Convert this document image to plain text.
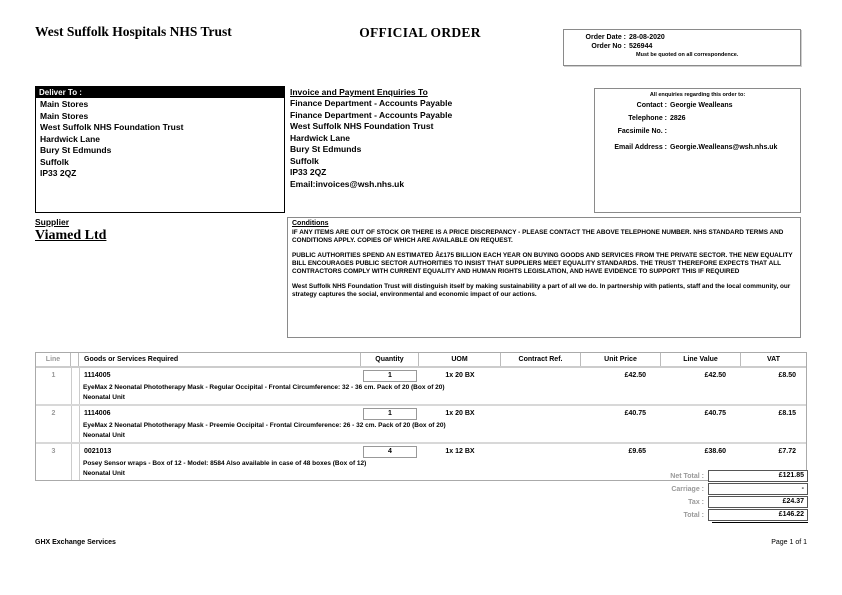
West Suffolk Hospitals NHS Trust	OFFICIAL ORDER	Order Date : 28-08-2020
Order No : 526944
Must be quoted on all correspondence.
Deliver To :
Main Stores
Main Stores
West Suffolk NHS Foundation Trust
Hardwick Lane
Bury St Edmunds
Suffolk
IP33 2QZ
Invoice and Payment Enquiries To
Finance Department - Accounts Payable
Finance Department - Accounts Payable
West Suffolk NHS Foundation Trust
Hardwick Lane
Bury St Edmunds
Suffolk
IP33 2QZ
Email:invoices@wsh.nhs.uk
All enquiries regarding this order to:
Contact : Georgie Wealleans
Telephone : 2826
Facsimile No. :
Email Address : Georgie.Wealleans@wsh.nhs.uk
Supplier
Viamed Ltd
Conditions
IF ANY ITEMS ARE OUT OF STOCK OR THERE IS A PRICE DISCREPANCY - PLEASE CONTACT THE ABOVE TELEPHONE NUMBER. NHS STANDARD TERMS AND CONDITIONS APPLY. COPIES OF WHICH ARE AVAILABLE ON REQUEST.
PUBLIC AUTHORITIES SPEND AN ESTIMATED Â£175 BILLION EACH YEAR ON BUYING GOODS AND SERVICES FROM THE PRIVATE SECTOR. THE NEW EQUALITY BILL ENCOURAGES PUBLIC SECTOR AUTHORITIES TO INSIST THAT SUPPLIERS MEET EQUALITY STANDARDS. THE TRUST THEREFORE EXPECTS THAT ALL CONTRACTORS COMPLY WITH CURRENT EQUALITY AND HUMAN RIGHTS LEGISLATION, AND HAVE EVIDENCE TO SUPPORT THIS IF REQUIRED
West Suffolk NHS Foundation Trust will distinguish itself by making sustainability a part of all we do. In partnership with patients, staff and the local community, our strategy captures the social, environmental and economic impact of our actions.
Line	Goods or Services Required	Quantity	UOM	Contract Ref.	Unit Price	Line Value	VAT
1	1114005	1	1x 20 BX	£42.50	£42.50	£8.50
EyeMax 2 Neonatal Phototherapy Mask - Regular Occipital - Frontal Circumference: 32 - 36 cm. Pack of 20 (Box of 20)
Neonatal Unit
2	1114006	1	1x 20 BX	£40.75	£40.75	£8.15
EyeMax 2 Neonatal Phototherapy Mask - Preemie Occipital - Frontal Circumference: 26 - 32 cm. Pack of 20 (Box of 20)
Neonatal Unit
3	0021013	4	1x 12 BX	£9.65	£38.60	£7.72
Posey Sensor wraps - Box of 12 - Model: 8584 Also available in case of 48 boxes (Box of 12)
Neonatal Unit	Net Total :	£121.85
Carriage :	-
Tax :	£24.37
Total :	£146.22
GHX Exchange Services	Page 1 of 1
